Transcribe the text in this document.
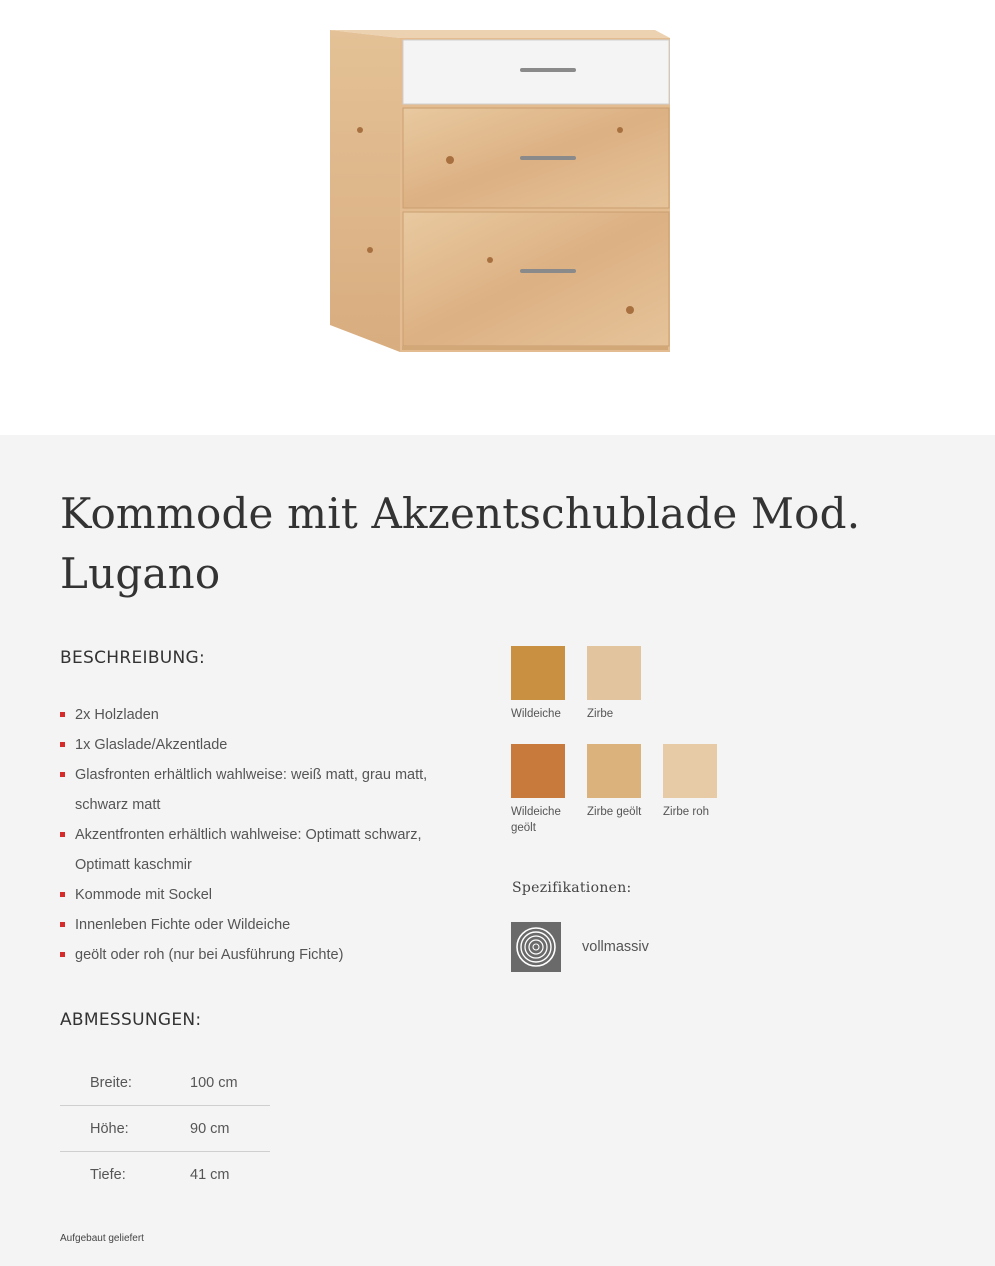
Kommode mit Akzentschublade Mod. Lugano
BESCHREIBUNG:
2x Holzladen
1x Glaslade/Akzentlade
Glasfronten erhältlich wahlweise: weiß matt, grau matt, schwarz matt
Akzentfronten erhältlich wahlweise: Optimatt schwarz, Optimatt kaschmir
Kommode mit Sockel
Innenleben Fichte oder Wildeiche
geölt oder roh (nur bei Ausführung Fichte)
ABMESSUNGEN:
Breite:	100 cm
Höhe:	90 cm
Tiefe:	41 cm
Aufgebaut geliefert
Wildeiche	Zirbe
Wildeiche geölt
Zirbe geölt	Zirbe roh
Spezifikationen:
vollmassiv
